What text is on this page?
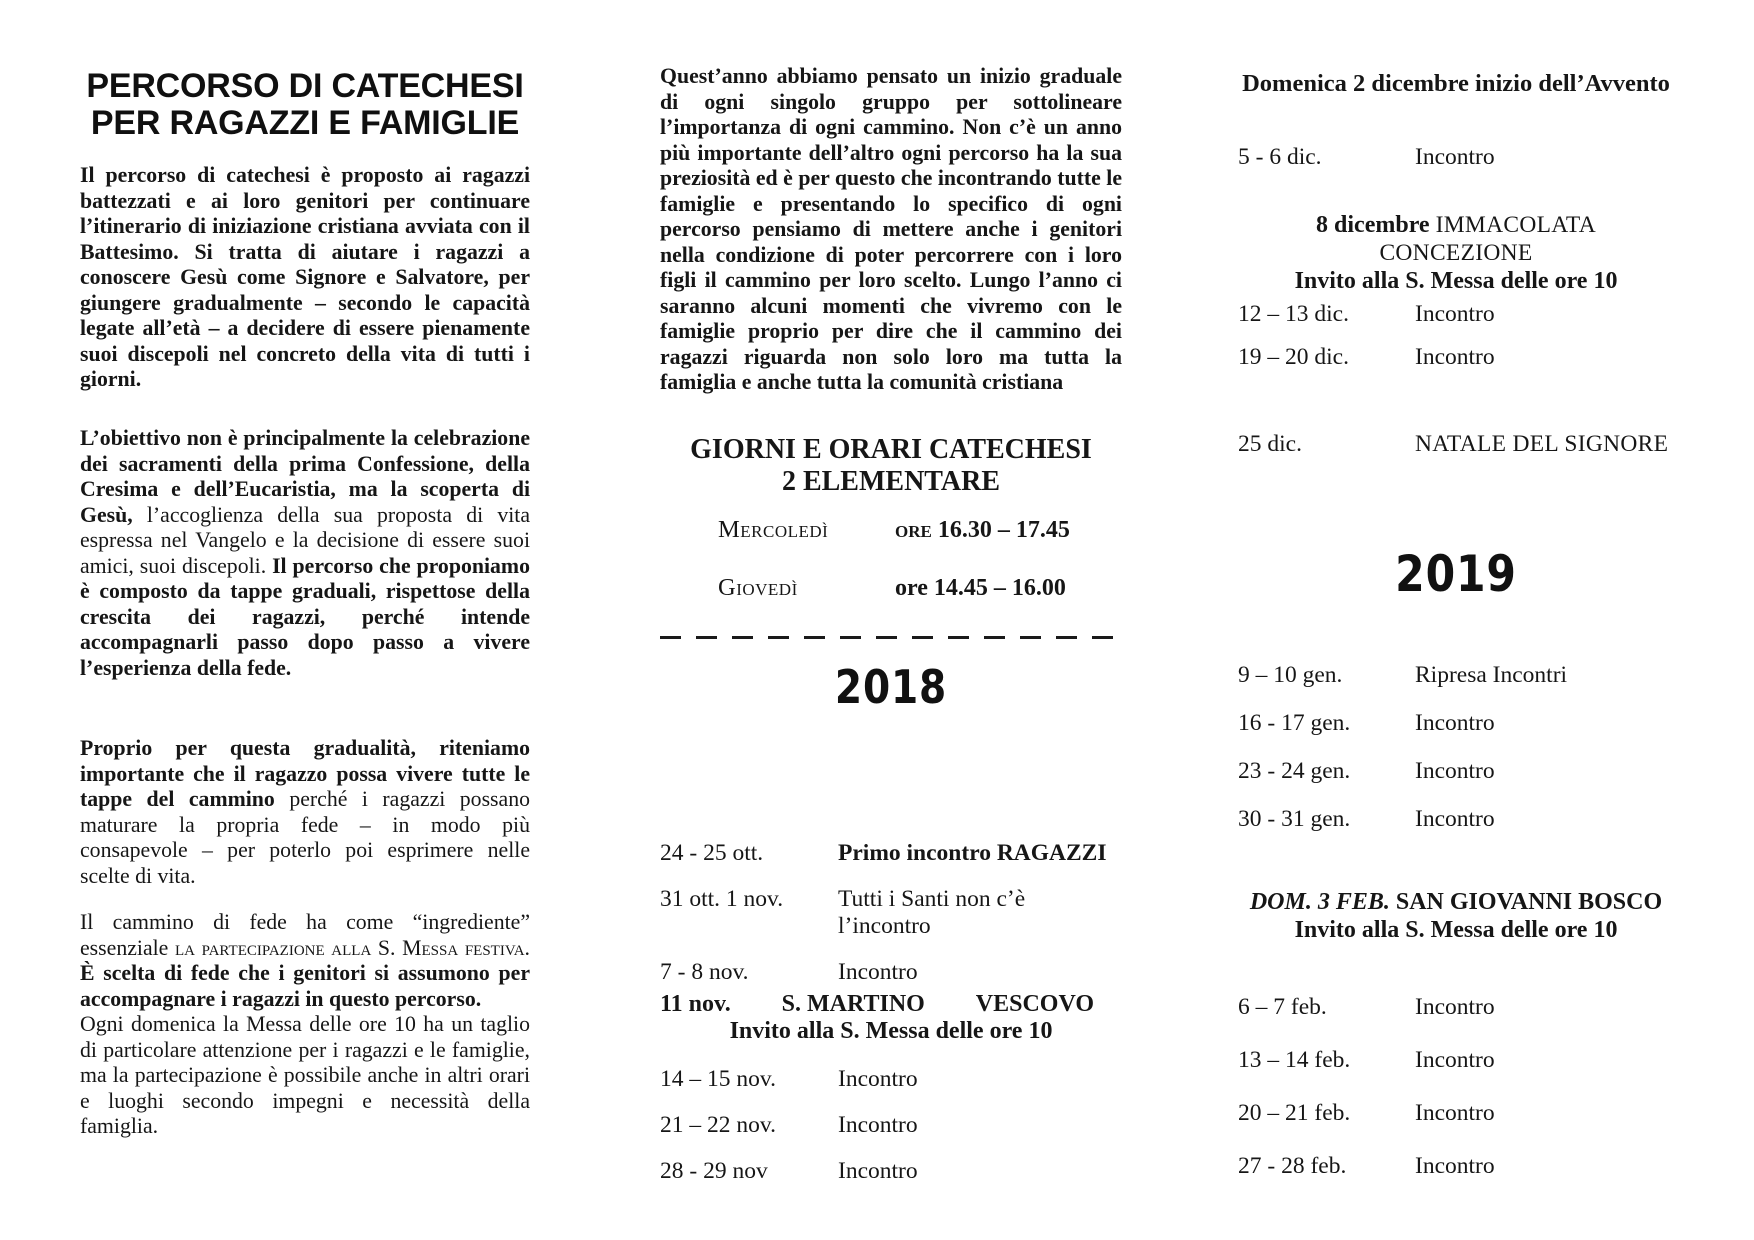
PERCORSO DI CATECHESI
PER RAGAZZI E FAMIGLIE

Il percorso di catechesi è proposto ai ragazzi battezzati e ai loro genitori per continuare l’itinerario di iniziazione cristiana avviata con il Battesimo. Si tratta di aiutare i ragazzi a conoscere Gesù come Signore e Salvatore, per giungere gradualmente – secondo le capacità legate all’età – a decidere di essere pienamente suoi discepoli nel concreto della vita di tutti i giorni.

L’obiettivo non è principalmente la celebrazione dei sacramenti della prima Confessione, della Cresima e dell’Eucaristia, ma la scoperta di Gesù, l’accoglienza della sua proposta di vita espressa nel Vangelo e la decisione di essere suoi amici, suoi discepoli. Il percorso che proponiamo è composto da tappe graduali, rispettose della crescita dei ragazzi, perché intende accompagnarli passo dopo passo a vivere l’esperienza della fede.

Proprio per questa gradualità, riteniamo importante che il ragazzo possa vivere tutte le tappe del cammino perché i ragazzi possano maturare la propria fede – in modo più consapevole – per poterlo poi esprimere nelle scelte di vita.

Il cammino di fede ha come “ingrediente” essenziale la partecipazione alla S. Messa festiva. È scelta di fede che i genitori si assumono per accompagnare i ragazzi in questo percorso.

Ogni domenica la Messa delle ore 10 ha un taglio di particolare attenzione per i ragazzi e le famiglie, ma la partecipazione è possibile anche in altri orari e luoghi secondo impegni e necessità della famiglia.

Quest’anno abbiamo pensato un inizio graduale di ogni singolo gruppo per sottolineare l’importanza di ogni cammino. Non c’è un anno più importante dell’altro ogni percorso ha la sua preziosità ed è per questo che incontrando tutte le famiglie e presentando lo specifico di ogni percorso pensiamo di mettere anche i genitori nella condizione di poter percorrere con i loro figli il cammino per loro scelto. Lungo l’anno ci saranno alcuni momenti che vivremo con le famiglie proprio per dire che il cammino dei ragazzi riguarda non solo loro ma tutta la famiglia e anche tutta la comunità cristiana

GIORNI E ORARI CATECHESI
2 ELEMENTARE
Mercoledì	ore 16.30 – 17.45
Giovedì	ore 14.45 – 16.00
2018
24 - 25 ott.	Primo incontro RAGAZZI
31 ott. 1 nov.	Tutti i Santi non c’è l’incontro
7 - 8 nov.	Incontro
11 nov. S. MARTINO VESCOVO
Invito alla S. Messa delle ore 10
14 – 15 nov.	Incontro
21 – 22 nov.	Incontro
28 - 29 nov	Incontro
Domenica 2 dicembre inizio dell’Avvento
5 - 6 dic.	Incontro
8 dicembre IMMACOLATA CONCEZIONE
Invito alla S. Messa delle ore 10
12 – 13 dic.	Incontro
19 – 20 dic.	Incontro
25 dic.	NATALE DEL SIGNORE
2019
9 – 10 gen.	Ripresa Incontri
16 - 17 gen.	Incontro
23 - 24 gen.	Incontro
30 - 31 gen.	Incontro
DOM. 3 FEB. SAN GIOVANNI BOSCO
Invito alla S. Messa delle ore 10
6 – 7 feb.	Incontro
13 – 14 feb.	Incontro
20 – 21 feb.	Incontro
27 - 28 feb.	Incontro
